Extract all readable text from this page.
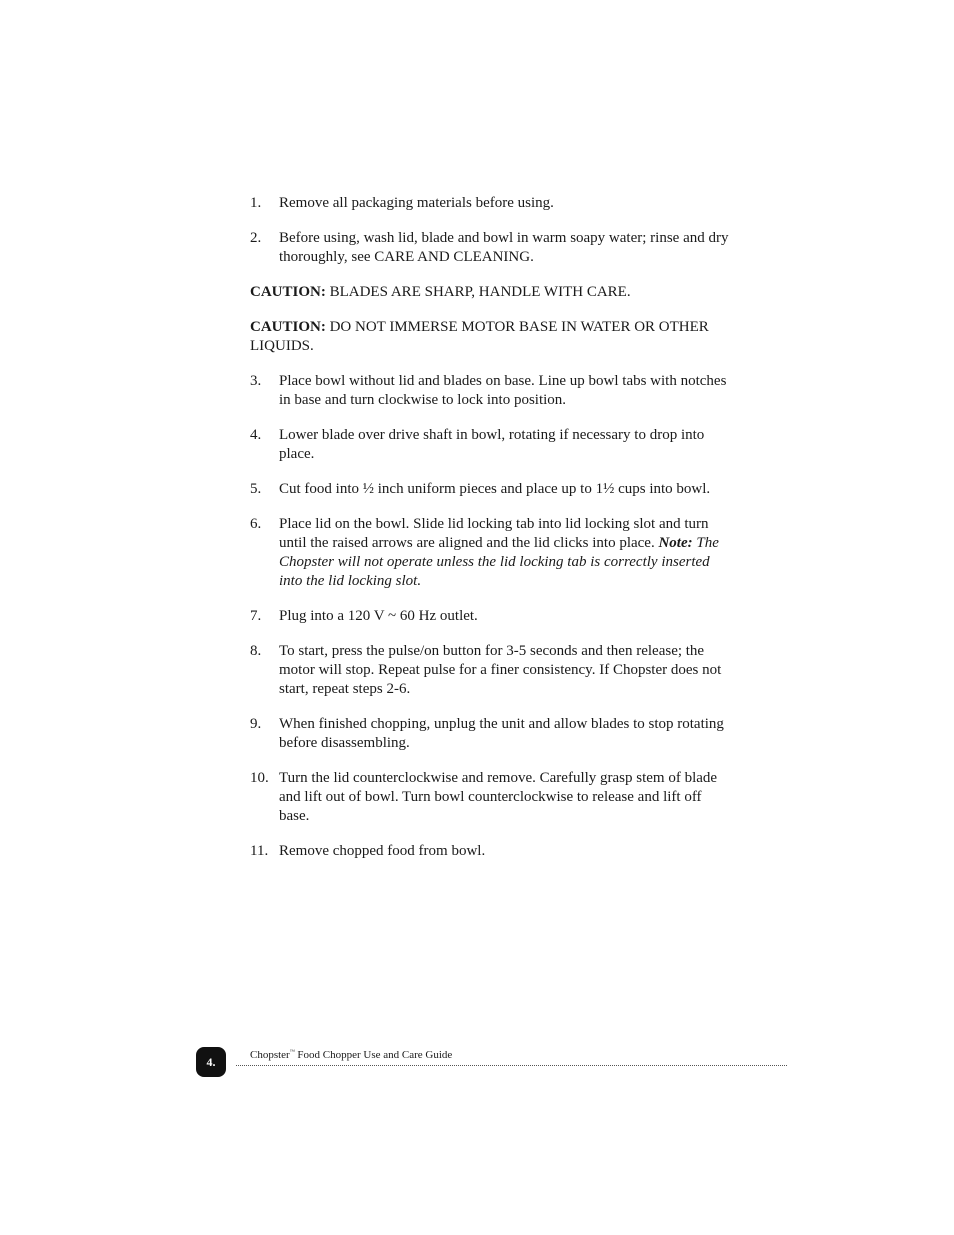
1.	Remove all packaging materials before using.
2.	Before using, wash lid, blade and bowl in warm soapy water; rinse and dry thoroughly, see CARE AND CLEANING.
CAUTION: BLADES ARE SHARP, HANDLE WITH CARE.
CAUTION: DO NOT IMMERSE MOTOR BASE IN WATER OR OTHER LIQUIDS.
3.	Place bowl without lid and blades on base. Line up bowl tabs with notches in base and turn clockwise to lock into position.
4.	Lower blade over drive shaft in bowl, rotating if necessary to drop into place.
5.	Cut food into ½ inch uniform pieces and place up to 1½ cups into bowl.
6.	Place lid on the bowl. Slide lid locking tab into lid locking slot and turn until the raised arrows are aligned and the lid clicks into place. Note: The Chopster will not operate unless the lid locking tab is correctly inserted into the lid locking slot.
7.	Plug into a 120 V ~ 60 Hz outlet.
8.	To start, press the pulse/on button for 3-5 seconds and then release; the motor will stop. Repeat pulse for a finer consistency. If Chopster does not start, repeat steps 2-6.
9.	When finished chopping, unplug the unit and allow blades to stop rotating before disassembling.
10. Turn the lid counterclockwise and remove. Carefully grasp stem of blade and lift out of bowl. Turn bowl counterclockwise to release and lift off base.
11. Remove chopped food from bowl.
4.	Chopster™ Food Chopper Use and Care Guide
